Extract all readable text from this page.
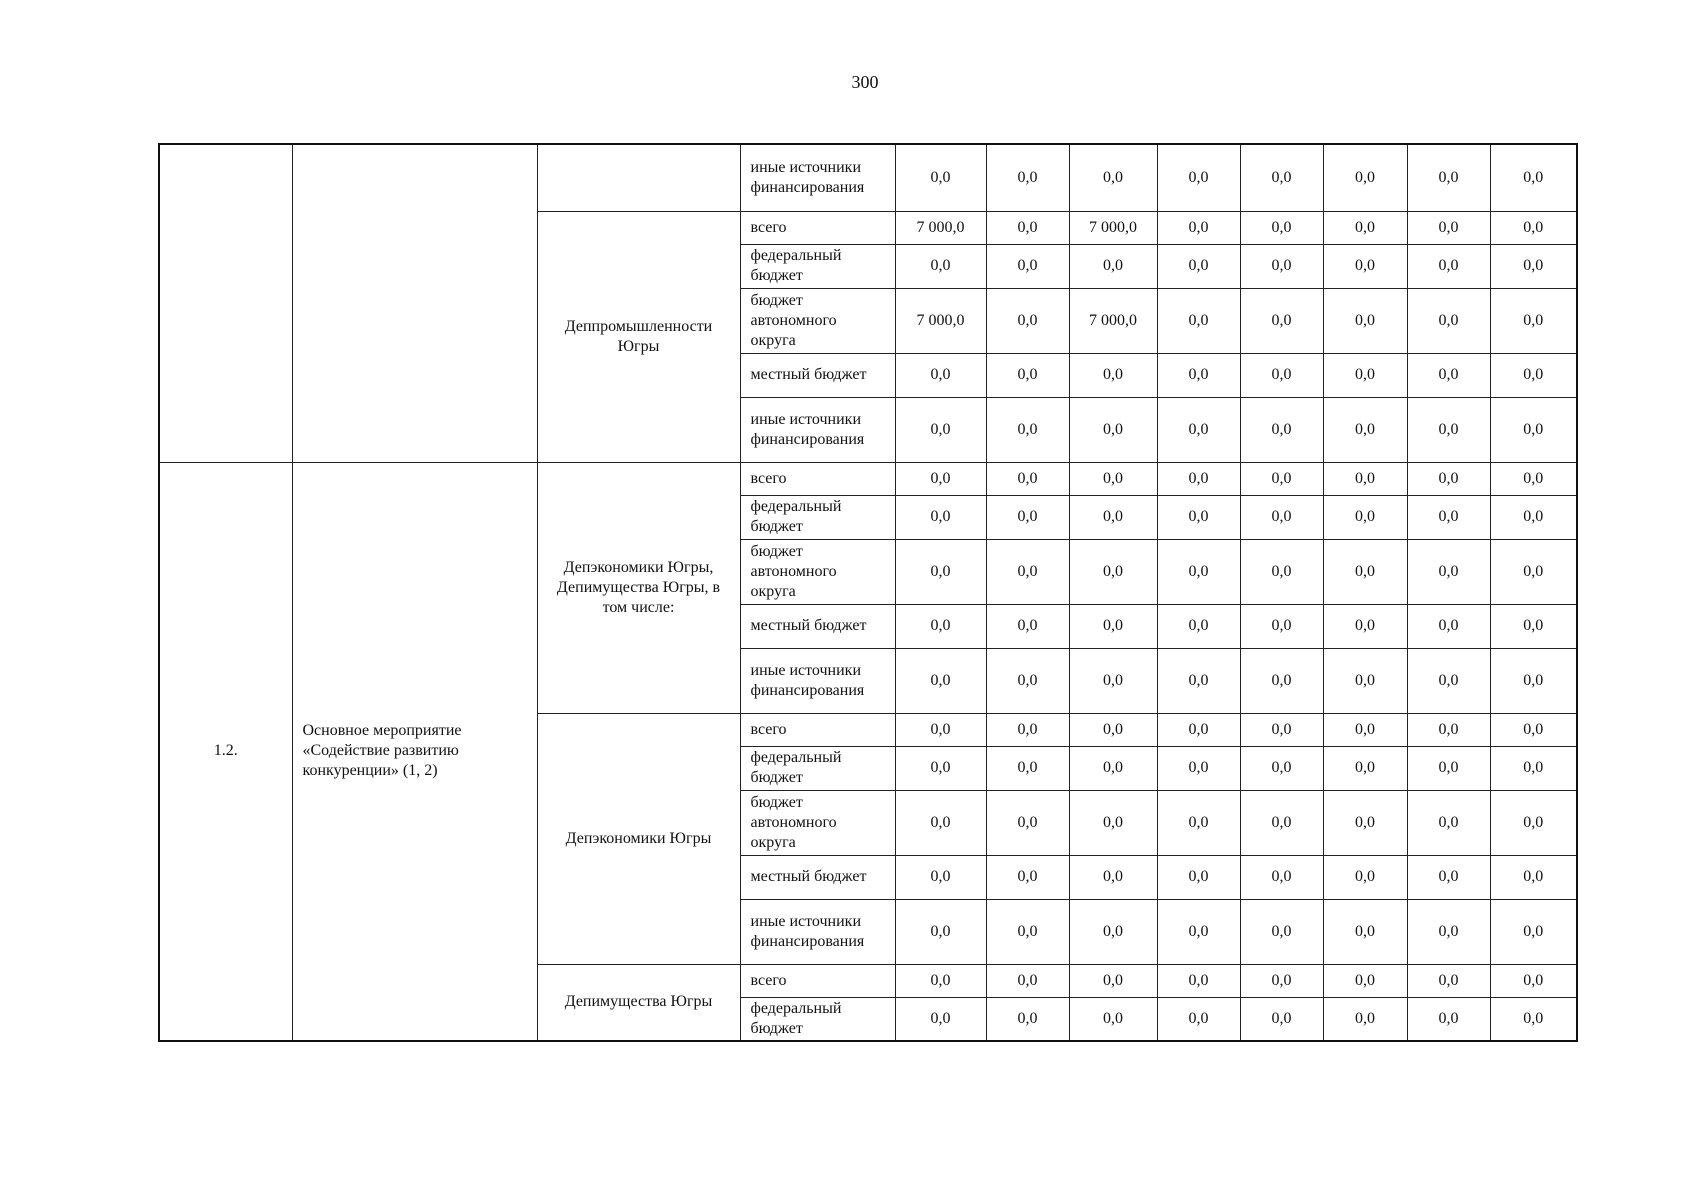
300
			иные источники финансирования	0,0	0,0	0,0	0,0	0,0	0,0	0,0	0,0
		Деппромышленности Югры	всего	7 000,0	0,0	7 000,0	0,0	0,0	0,0	0,0	0,0
			федеральный бюджет	0,0	0,0	0,0	0,0	0,0	0,0	0,0	0,0
			бюджет автономного округа	7 000,0	0,0	7 000,0	0,0	0,0	0,0	0,0	0,0
			местный бюджет	0,0	0,0	0,0	0,0	0,0	0,0	0,0	0,0
			иные источники финансирования	0,0	0,0	0,0	0,0	0,0	0,0	0,0	0,0
1.2.	Основное мероприятие «Содействие развитию конкуренции» (1, 2)	Депэкономики Югры, Депимущества Югры, в том числе:	всего	0,0	0,0	0,0	0,0	0,0	0,0	0,0	0,0
			федеральный бюджет	0,0	0,0	0,0	0,0	0,0	0,0	0,0	0,0
			бюджет автономного округа	0,0	0,0	0,0	0,0	0,0	0,0	0,0	0,0
			местный бюджет	0,0	0,0	0,0	0,0	0,0	0,0	0,0	0,0
			иные источники финансирования	0,0	0,0	0,0	0,0	0,0	0,0	0,0	0,0
		Депэкономики Югры	всего	0,0	0,0	0,0	0,0	0,0	0,0	0,0	0,0
			федеральный бюджет	0,0	0,0	0,0	0,0	0,0	0,0	0,0	0,0
			бюджет автономного округа	0,0	0,0	0,0	0,0	0,0	0,0	0,0	0,0
			местный бюджет	0,0	0,0	0,0	0,0	0,0	0,0	0,0	0,0
			иные источники финансирования	0,0	0,0	0,0	0,0	0,0	0,0	0,0	0,0
		Депимущества Югры	всего	0,0	0,0	0,0	0,0	0,0	0,0	0,0	0,0
			федеральный бюджет	0,0	0,0	0,0	0,0	0,0	0,0	0,0	0,0
